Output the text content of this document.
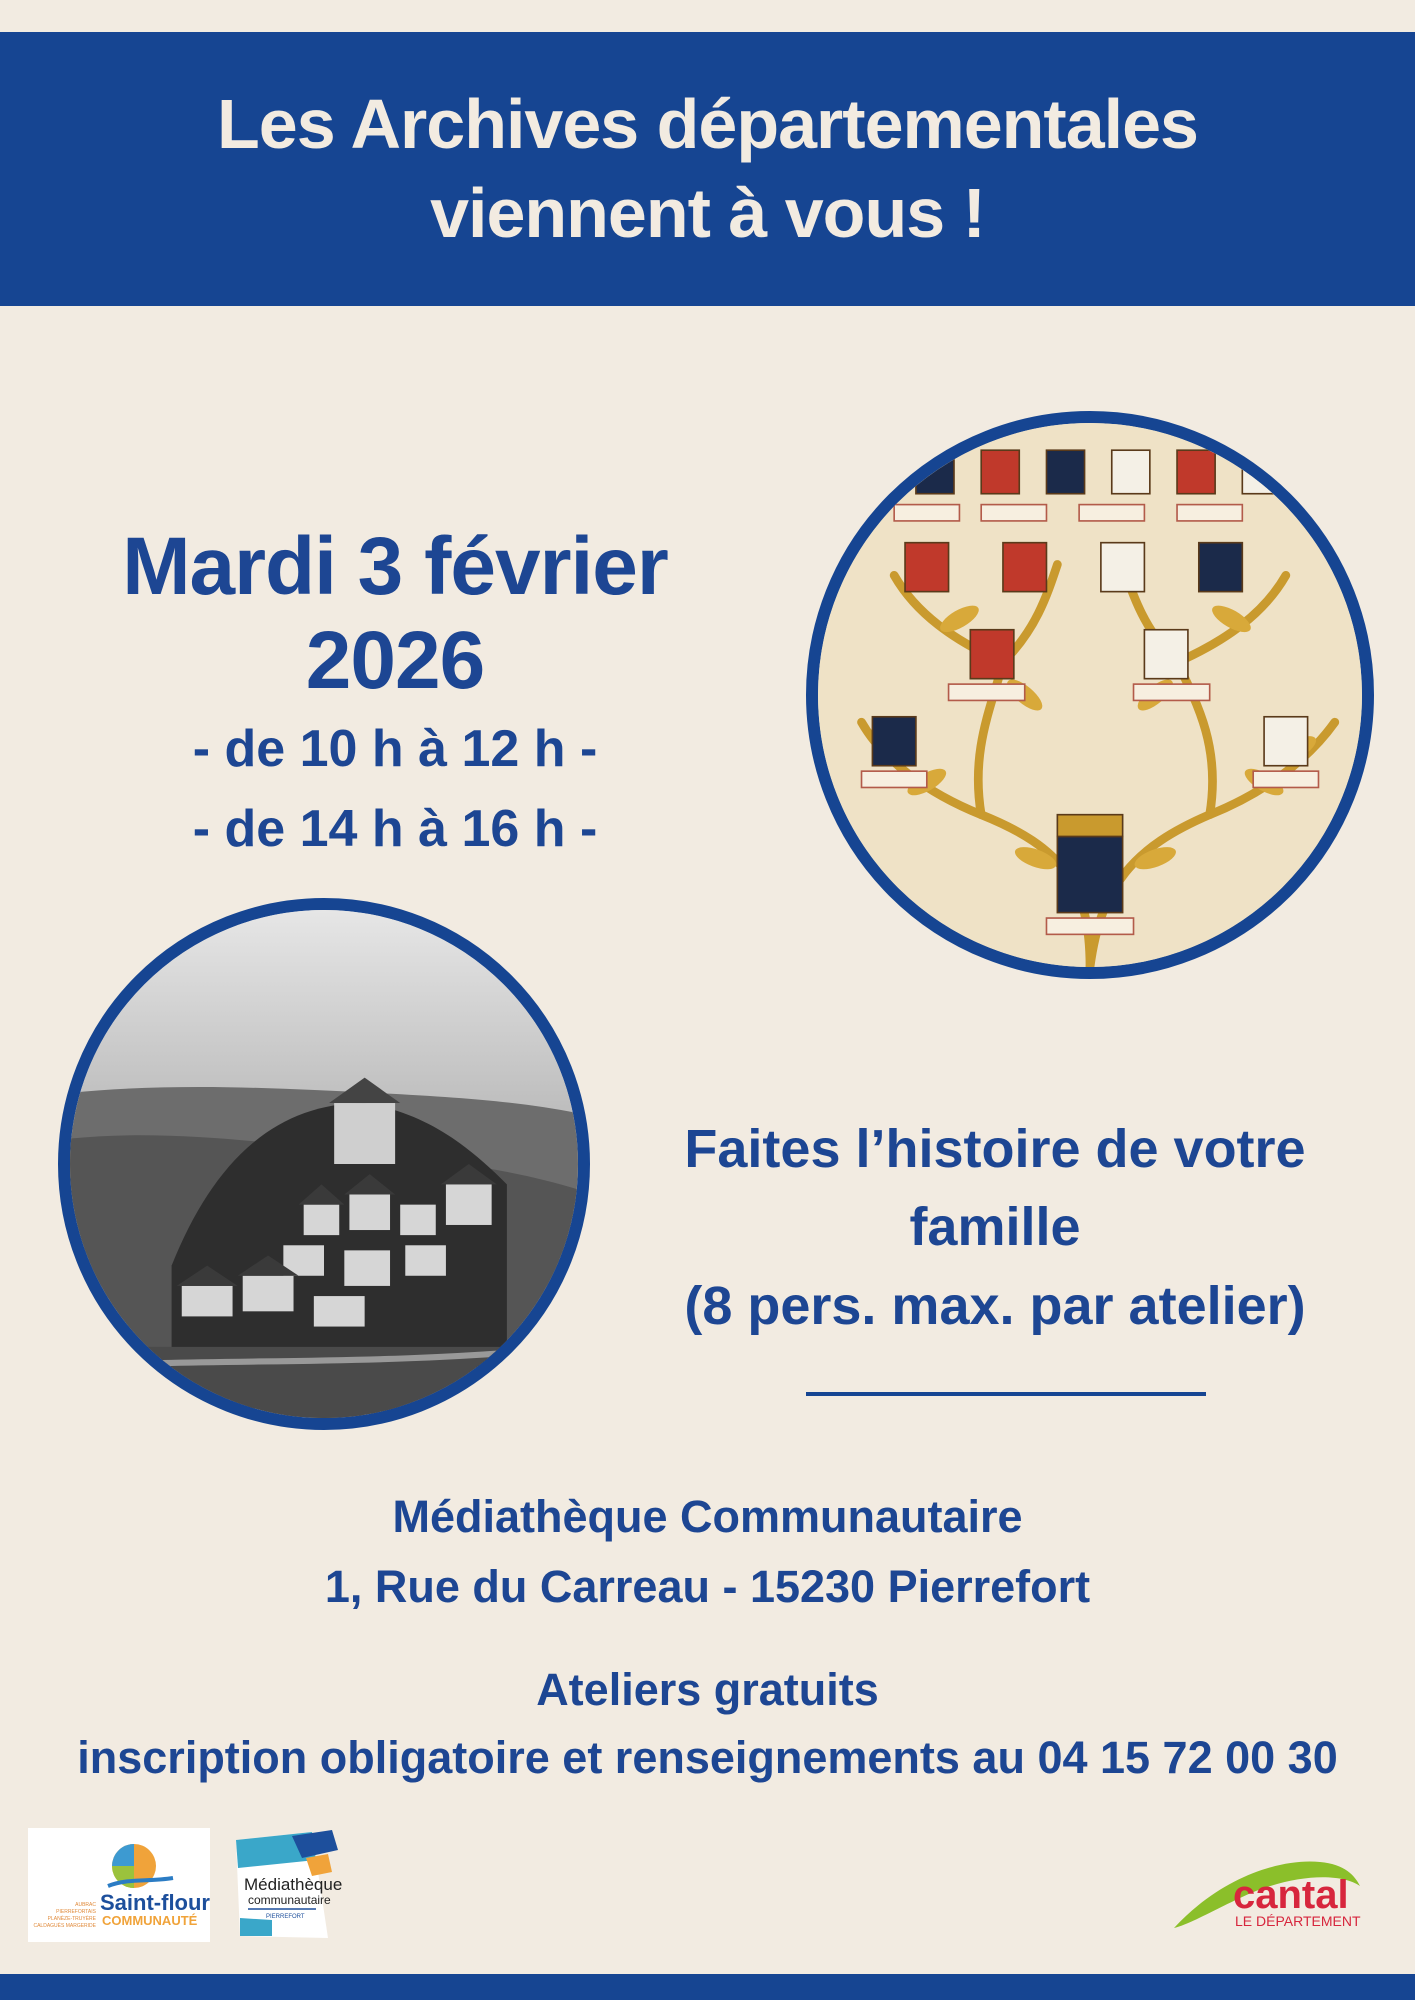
Les Archives départementales
viennent à vous !
Mardi 3 février 2026
- de 10 h à 12 h -
- de 14 h à 16 h -
Faites l’histoire de votre famille
(8 pers. max. par atelier)
Médiathèque Communautaire
1, Rue du Carreau - 15230 Pierrefort
Ateliers gratuits
inscription obligatoire et renseignements au 04 15 72 00 30
Saint-flour
COMMUNAUTÉ
AUBRAC
PIERREFORTAIS
PLANÈZE-TRUYÈRE
CALDAGUÈS MARGERIDE
Médiathèque
communautaire
PIERREFORT	cantal
LE DÉPARTEMENT
